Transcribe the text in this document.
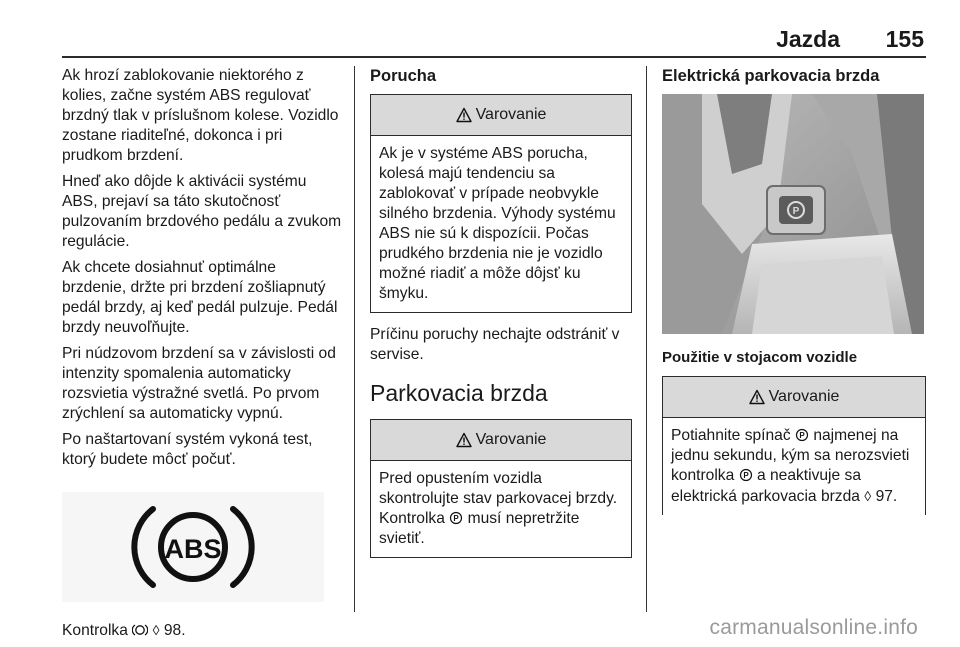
Jazda 155

Ak hrozí zablokovanie niektorého z kolies, začne systém ABS regulovať brzdný tlak v príslušnom kolese. Vozidlo zostane riaditeľné, dokonca i pri prudkom brzdení.

Hneď ako dôjde k aktivácii systému ABS, prejaví sa táto skutočnosť pulzovaním brzdového pedálu a zvukom regulácie.

Ak chcete dosiahnuť optimálne brzdenie, držte pri brzdení zošliapnutý pedál brzdy, aj keď pedál pulzuje. Pedál brzdy neuvoľňujte.

Pri núdzovom brzdení sa v závislosti od intenzity spomalenia automaticky rozsvietia výstražné svetlá. Po prvom zrýchlení sa automaticky vypnú.

Po naštartovaní systém vykoná test, ktorý budete môcť počuť.

ABS

Kontrolka ◊ 98.

Porucha
Varovanie
Ak je v systéme ABS porucha, kolesá majú tendenciu sa zablokovať v prípade neobvykle silného brzdenia. Výhody systému ABS nie sú k dispozícii. Počas prudkého brzdenia nie je vozidlo možné riadiť a môže dôjsť ku šmyku.

Príčinu poruchy nechajte odstrániť v servise.

Parkovacia brzda
Varovanie
Pred opustením vozidla skontrolujte stav parkovacej brzdy. Kontrolka P musí nepretržite svietiť.
Elektrická parkovacia brzda
P
Použitie v stojacom vozidle
Varovanie
Potiahnite spínač P najmenej na jednu sekundu, kým sa nerozsvieti kontrolka P a neaktivuje sa elektrická parkovacia brzda ◊ 97.
carmanualsonline.info
